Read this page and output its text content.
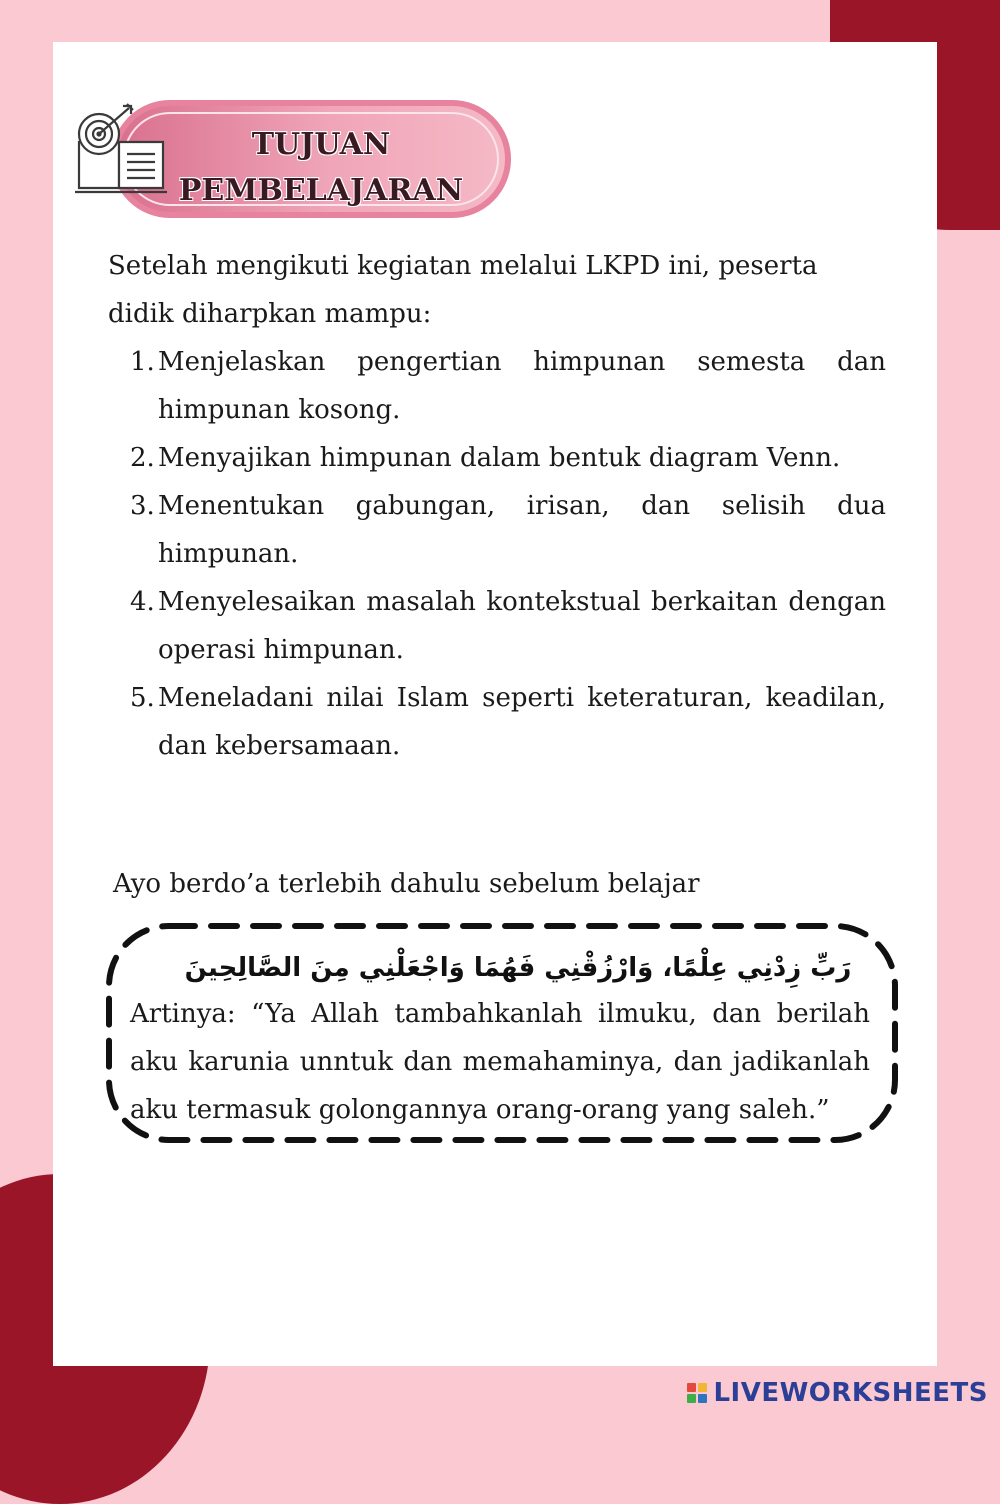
TUJUAN
PEMBELAJARAN

Setelah mengikuti kegiatan melalui LKPD ini, peserta didik diharpkan mampu:

1. Menjelaskan pengertian himpunan semesta dan himpunan kosong.
2. Menyajikan himpunan dalam bentuk diagram Venn.
3. Menentukan gabungan, irisan, dan selisih dua himpunan.
4. Menyelesaikan masalah kontekstual berkaitan dengan operasi himpunan.
5. Meneladani nilai Islam seperti keteraturan, keadilan, dan kebersamaan.
Ayo berdo’a terlebih dahulu sebelum belajar
رَبِّ زِدْنِي عِلْمًا، وَارْزُقْنِي فَهُمَا وَاجْعَلْنِي مِنَ الصَّالِحِينَ

Artinya: “Ya Allah tambahkanlah ilmuku, dan berilah aku karunia unntuk dan memahaminya, dan jadikanlah aku termasuk golongannya orang-orang yang saleh.”

LIVEWORKSHEETS
